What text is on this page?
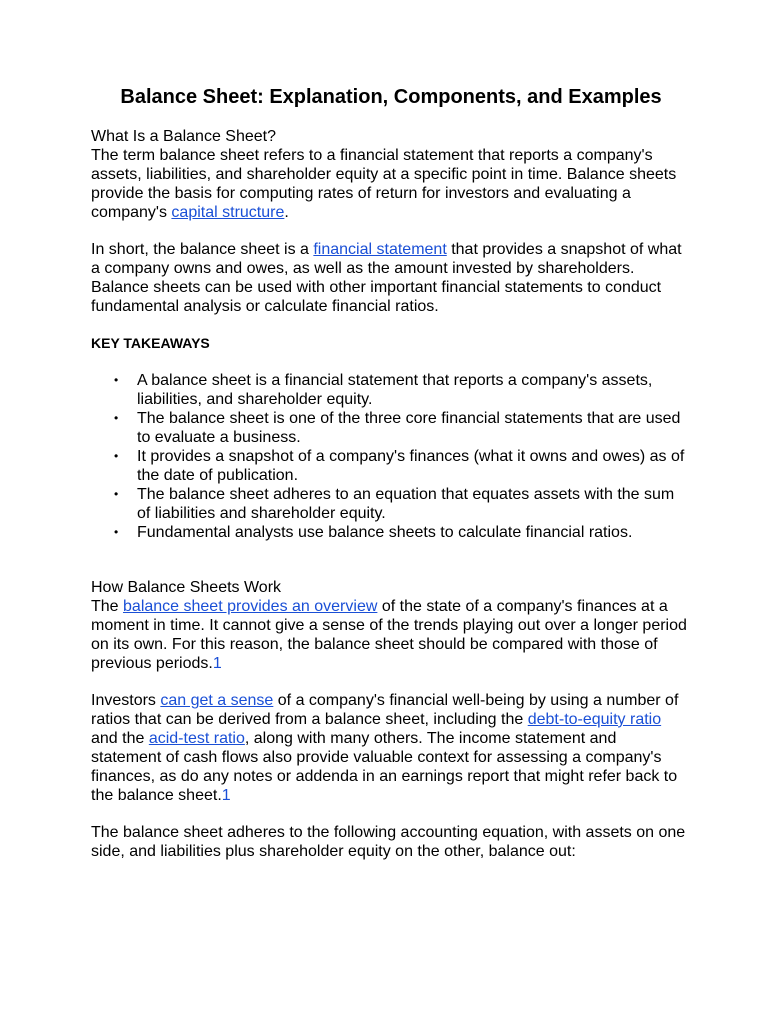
Balance Sheet: Explanation, Components, and Examples

What Is a Balance Sheet?

The term balance sheet refers to a financial statement that reports a company's assets, liabilities, and shareholder equity at a specific point in time. Balance sheets provide the basis for computing rates of return for investors and evaluating a company's capital structure.

In short, the balance sheet is a financial statement that provides a snapshot of what a company owns and owes, as well as the amount invested by shareholders. Balance sheets can be used with other important financial statements to conduct fundamental analysis or calculate financial ratios.

KEY TAKEAWAYS

• A balance sheet is a financial statement that reports a company's assets, liabilities, and shareholder equity.
• The balance sheet is one of the three core financial statements that are used to evaluate a business.
• It provides a snapshot of a company's finances (what it owns and owes) as of the date of publication.
• The balance sheet adheres to an equation that equates assets with the sum of liabilities and shareholder equity.
• Fundamental analysts use balance sheets to calculate financial ratios.

How Balance Sheets Work

The balance sheet provides an overview of the state of a company's finances at a moment in time. It cannot give a sense of the trends playing out over a longer period on its own. For this reason, the balance sheet should be compared with those of previous periods.1

Investors can get a sense of a company's financial well-being by using a number of ratios that can be derived from a balance sheet, including the debt-to-equity ratio and the acid-test ratio, along with many others. The income statement and statement of cash flows also provide valuable context for assessing a company's finances, as do any notes or addenda in an earnings report that might refer back to the balance sheet.1

The balance sheet adheres to the following accounting equation, with assets on one side, and liabilities plus shareholder equity on the other, balance out:
